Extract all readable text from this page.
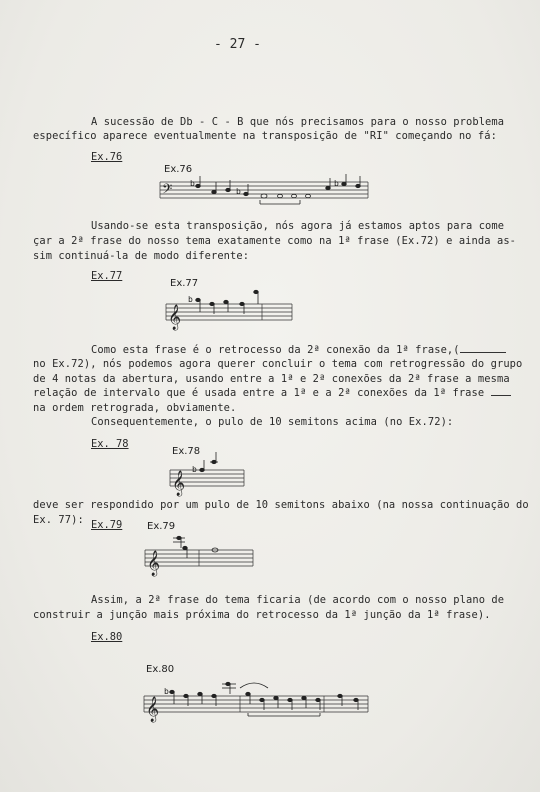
- 27 -
A sucessão de Db - C - B que nós precisamos para o nosso problema
específico aparece eventualmente na transposição de "RI" começando no fá:
Ex.76
Ex.76
𝄢 b
b
b
Usando-se esta transposição, nós agora já estamos aptos para come
çar a 2ª frase do nosso tema exatamente como na 1ª frase (Ex.72) e ainda as-
sim continuá-la de modo diferente:
Ex.77
Ex.77
𝄞
b
Como esta frase é o retrocesso da 2ª conexão da 1ª frase,(
no Ex.72), nós podemos agora querer concluir o tema com retrogressão do grupo
de 4 notas da abertura, usando entre a 1ª e 2ª conexões da 2ª frase a mesma
relação de intervalo que é usada entre a 1ª e a 2ª conexões da 1ª frase
na ordem retrograda, obviamente.
Consequentemente, o pulo de 10 semitons acima (no Ex.72):
Ex. 78
Ex.78
𝄞
b
deve ser respondido por um pulo de 10 semitons abaixo (na nossa continuação do
Ex. 77): Ex.79 Ex.79
𝄞
Assim, a 2ª frase do tema ficaria (de acordo com o nosso plano de
construir a junção mais próxima do retrocesso da 1ª junção da 1ª frase).
Ex.80
Ex.80
𝄞
b
